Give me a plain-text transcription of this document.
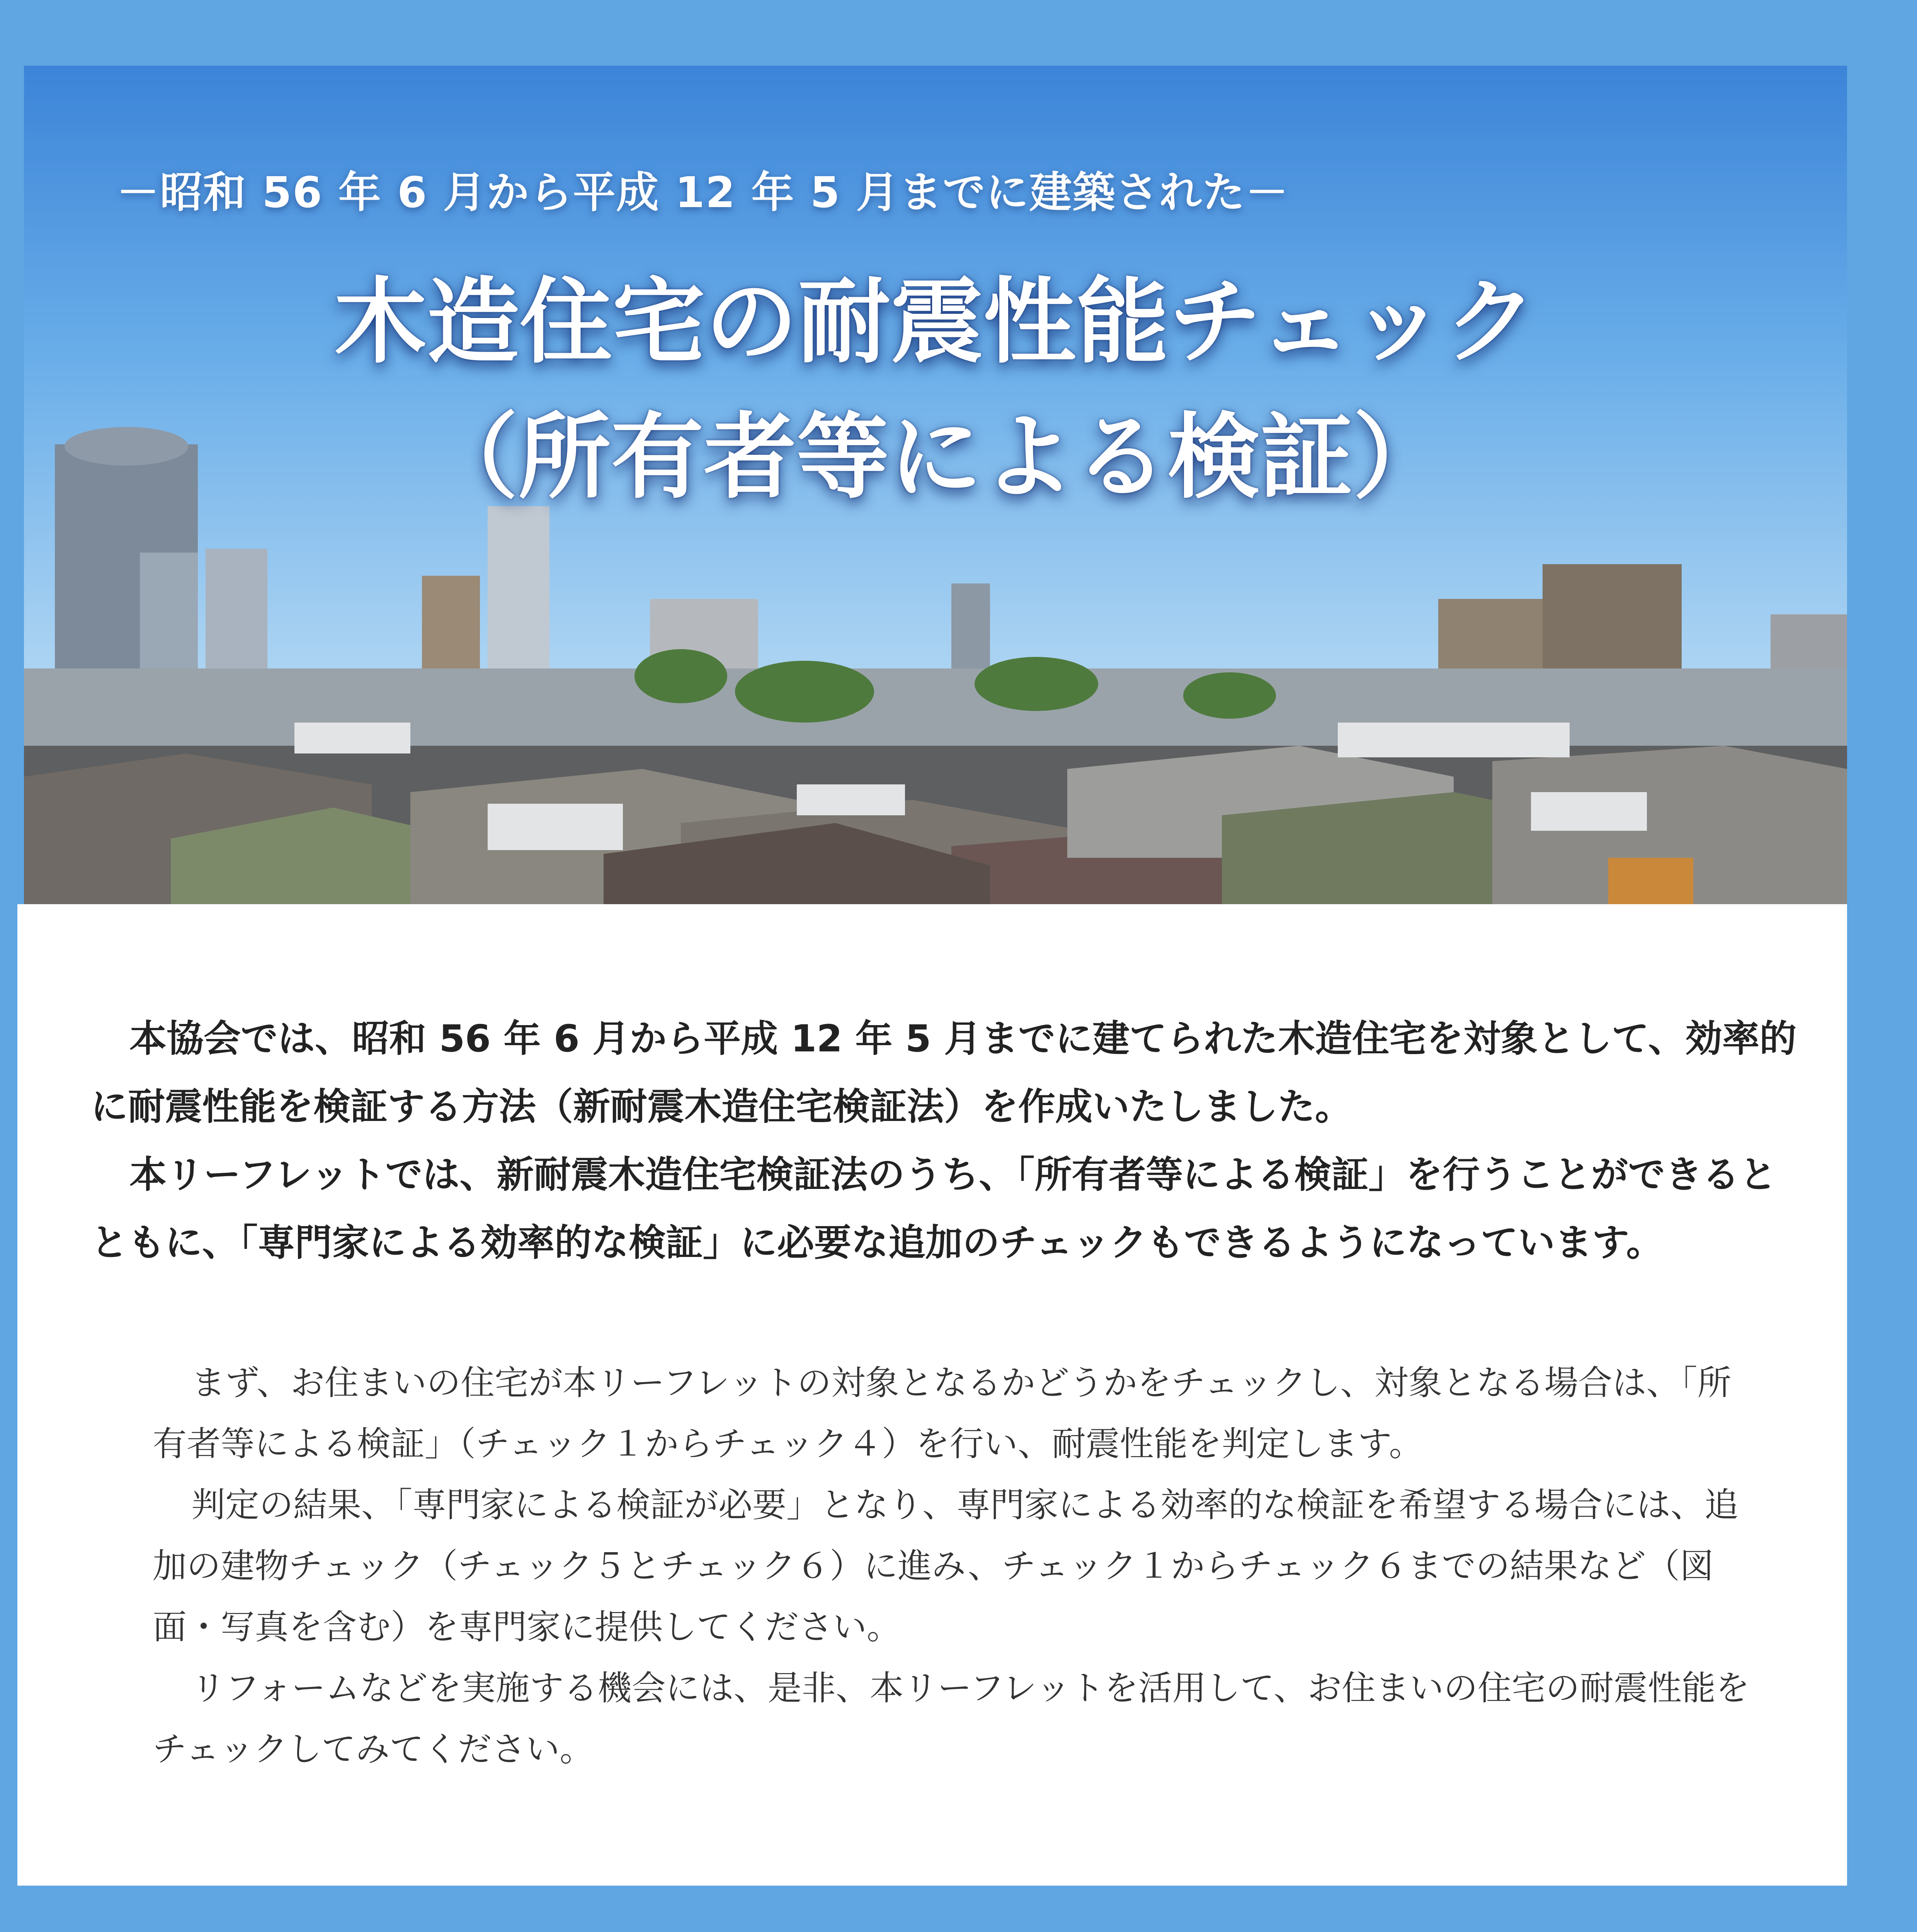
－昭和 56 年 6 月から平成 12 年 5 月までに建築された－
木造住宅の耐震性能チェック
（所有者等による検証）

本協会では、昭和 56 年 6 月から平成 12 年 5 月までに建てられた木造住宅を対象として、効率的に耐震性能を検証する方法（新耐震木造住宅検証法）を作成いたしました。

本リーフレットでは、新耐震木造住宅検証法のうち、「所有者等による検証」を行うことができるとともに、「専門家による効率的な検証」に必要な追加のチェックもできるようになっています。

まず、お住まいの住宅が本リーフレットの対象となるかどうかをチェックし、対象となる場合は、「所有者等による検証」（チェック１からチェック４）を行い、耐震性能を判定します。

判定の結果、「専門家による検証が必要」となり、専門家による効率的な検証を希望する場合には、追加の建物チェック（チェック５とチェック６）に進み、チェック１からチェック６までの結果など（図面・写真を含む）を専門家に提供してください。

リフォームなどを実施する機会には、是非、本リーフレットを活用して、お住まいの住宅の耐震性能をチェックしてみてください。
